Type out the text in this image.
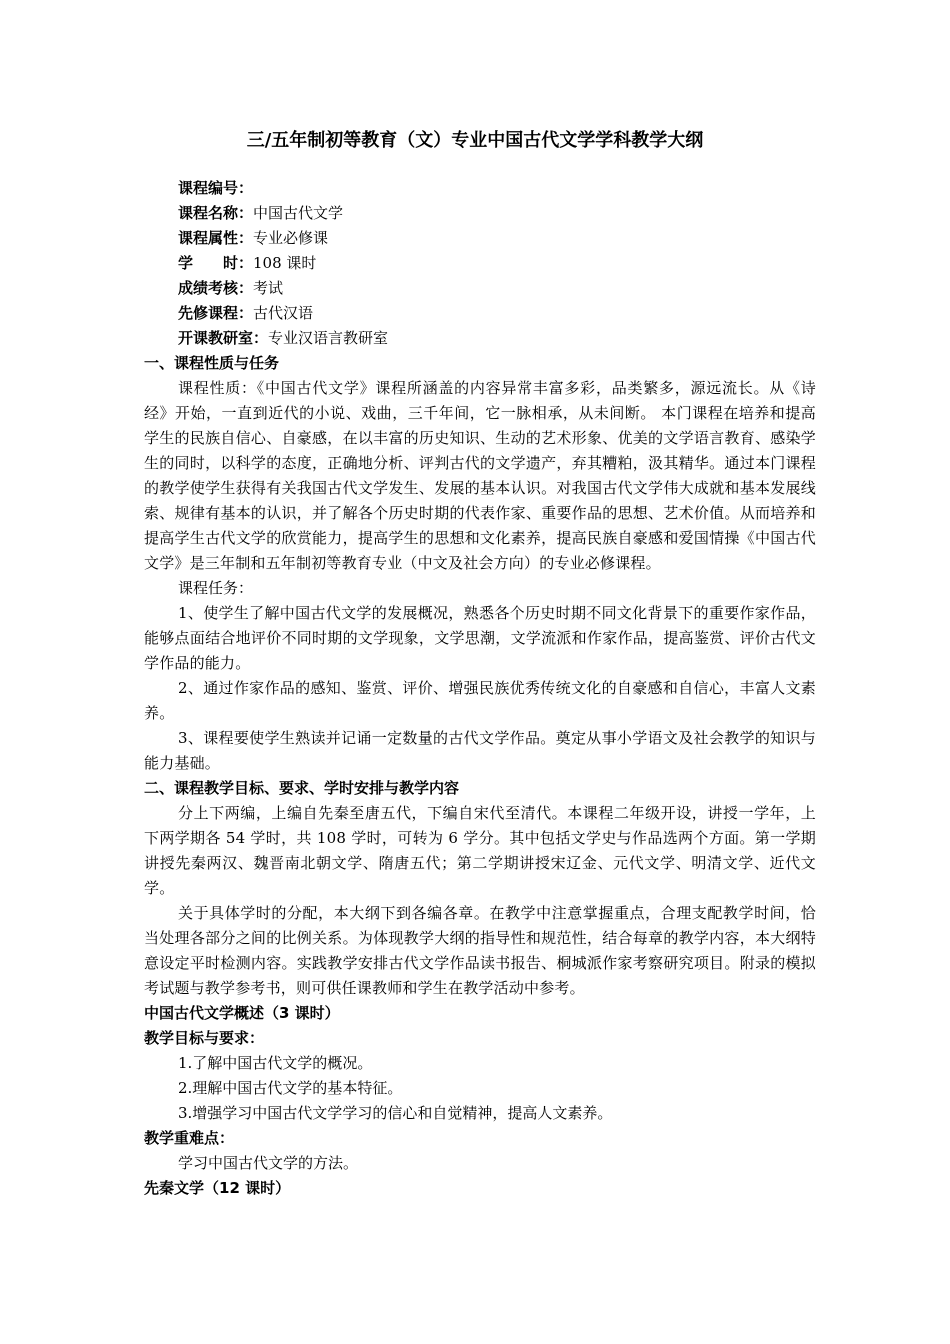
三/五年制初等教育（文）专业中国古代文学学科教学大纲
课程编号：
课程名称：中国古代文学
课程属性：专业必修课
学　　时：108 课时
成绩考核：考试
先修课程：古代汉语
开课教研室：专业汉语言教研室
一、课程性质与任务

课程性质：《中国古代文学》课程所涵盖的内容异常丰富多彩，品类繁多，源远流长。从《诗经》开始，一直到近代的小说、戏曲，三千年间，它一脉相承，从未间断。 本门课程在培养和提高学生的民族自信心、自豪感，在以丰富的历史知识、生动的艺术形象、优美的文学语言教育、感染学生的同时，以科学的态度，正确地分析、评判古代的文学遗产，弃其糟粕，汲其精华。通过本门课程的教学使学生获得有关我国古代文学发生、发展的基本认识。对我国古代文学伟大成就和基本发展线索、规律有基本的认识，并了解各个历史时期的代表作家、重要作品的思想、艺术价值。从而培养和提高学生古代文学的欣赏能力，提高学生的思想和文化素养，提高民族自豪感和爱国情操《中国古代文学》是三年制和五年制初等教育专业（中文及社会方向）的专业必修课程。

课程任务：

1、使学生了解中国古代文学的发展概况，熟悉各个历史时期不同文化背景下的重要作家作品，能够点面结合地评价不同时期的文学现象，文学思潮，文学流派和作家作品，提高鉴赏、评价古代文学作品的能力。

2、通过作家作品的感知、鉴赏、评价、增强民族优秀传统文化的自豪感和自信心，丰富人文素养。

3、课程要使学生熟读并记诵一定数量的古代文学作品。奠定从事小学语文及社会教学的知识与能力基础。

二、课程教学目标、要求、学时安排与教学内容

分上下两编，上编自先秦至唐五代，下编自宋代至清代。本课程二年级开设，讲授一学年，上下两学期各 54 学时，共 108 学时，可转为 6 学分。其中包括文学史与作品选两个方面。第一学期讲授先秦两汉、魏晋南北朝文学、隋唐五代；第二学期讲授宋辽金、元代文学、明清文学、近代文学。

关于具体学时的分配，本大纲下到各编各章。在教学中注意掌握重点，合理支配教学时间，恰当处理各部分之间的比例关系。为体现教学大纲的指导性和规范性，结合每章的教学内容，本大纲特意设定平时检测内容。实践教学安排古代文学作品读书报告、桐城派作家考察研究项目。附录的模拟考试题与教学参考书，则可供任课教师和学生在教学活动中参考。

中国古代文学概述（3 课时）
教学目标与要求：
1.了解中国古代文学的概况。
2.理解中国古代文学的基本特征。
3.增强学习中国古代文学学习的信心和自觉精神，提高人文素养。
教学重难点：
学习中国古代文学的方法。
先秦文学（12 课时）
